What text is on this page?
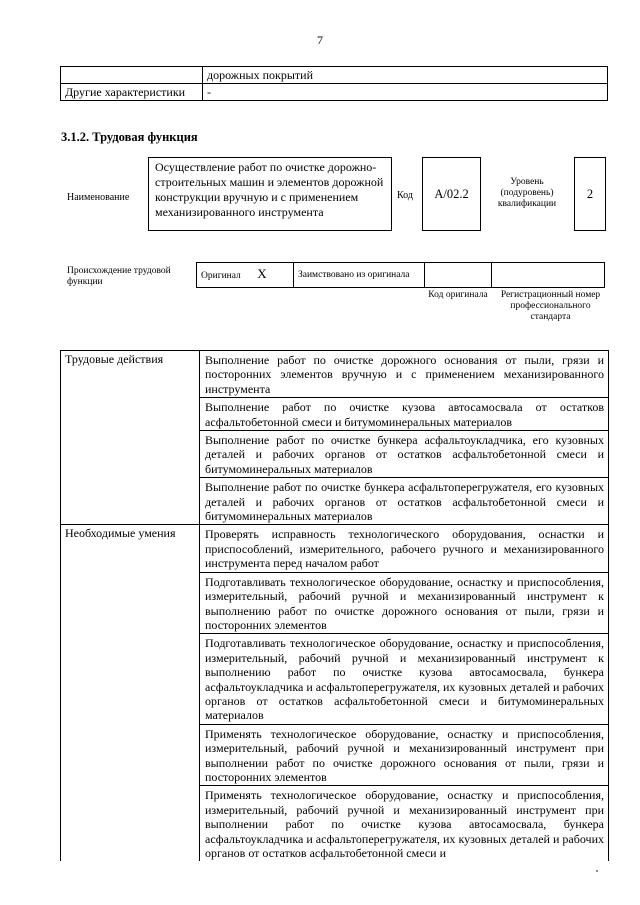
7
	дорожных покрытий
Другие характеристики	-
3.1.2. Трудовая функция
Наименование
Осуществление работ по очистке дорожно-строительных машин и элементов дорожной конструкции вручную и с применением механизированного инструмента
Код	A/02.2
Уровень (подуровень) квалификации
2
Происхождение трудовой функции
Оригинал X	Заимствовано из оригинала		
Код оригинала Регистрационный номер профессионального стандарта
Трудовые действия	Выполнение работ по очистке дорожного основания от пыли, грязи и посторонних элементов вручную и с применением механизированного инструмента
	Выполнение работ по очистке кузова автосамосвала от остатков асфальтобетонной смеси и битумоминеральных материалов
	Выполнение работ по очистке бункера асфальтоукладчика, его кузовных деталей и рабочих органов от остатков асфальтобетонной смеси и битумоминеральных материалов
	Выполнение работ по очистке бункера асфальтоперегружателя, его кузовных деталей и рабочих органов от остатков асфальтобетонной смеси и битумоминеральных материалов
Необходимые умения	Проверять исправность технологического оборудования, оснастки и приспособлений, измерительного, рабочего ручного и механизированного инструмента перед началом работ
	Подготавливать технологическое оборудование, оснастку и приспособления, измерительный, рабочий ручной и механизированный инструмент к выполнению работ по очистке дорожного основания от пыли, грязи и посторонних элементов
	Подготавливать технологическое оборудование, оснастку и приспособления, измерительный, рабочий ручной и механизированный инструмент к выполнению работ по очистке кузова автосамосвала, бункера асфальтоукладчика и асфальтоперегружателя, их кузовных деталей и рабочих органов от остатков асфальтобетонной смеси и битумоминеральных материалов
	Применять технологическое оборудование, оснастку и приспособления, измерительный, рабочий ручной и механизированный инструмент при выполнении работ по очистке дорожного основания от пыли, грязи и посторонних элементов
	Применять технологическое оборудование, оснастку и приспособления, измерительный, рабочий ручной и механизированный инструмент при выполнении работ по очистке кузова автосамосвала, бункера асфальтоукладчика и асфальтоперегружателя, их кузовных деталей и рабочих органов от остатков асфальтобетонной смеси и
